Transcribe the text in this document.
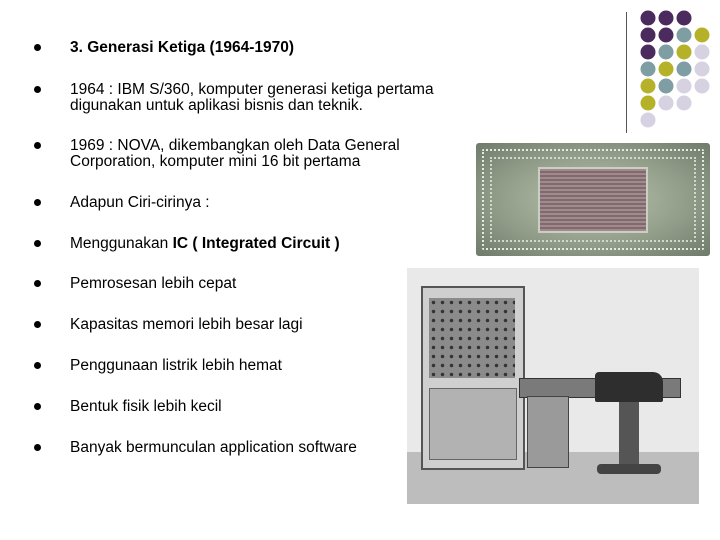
3. Generasi Ketiga (1964-1970)
1964 : IBM S/360, komputer generasi ketiga pertama
digunakan untuk aplikasi bisnis dan teknik.
1969 : NOVA, dikembangkan oleh Data General
Corporation, komputer mini 16 bit pertama
Adapun Ciri-cirinya :
Menggunakan IC ( Integrated Circuit )
Pemrosesan lebih cepat
Kapasitas memori lebih besar lagi
Penggunaan listrik lebih hemat
Bentuk fisik lebih kecil
Banyak bermunculan application software
